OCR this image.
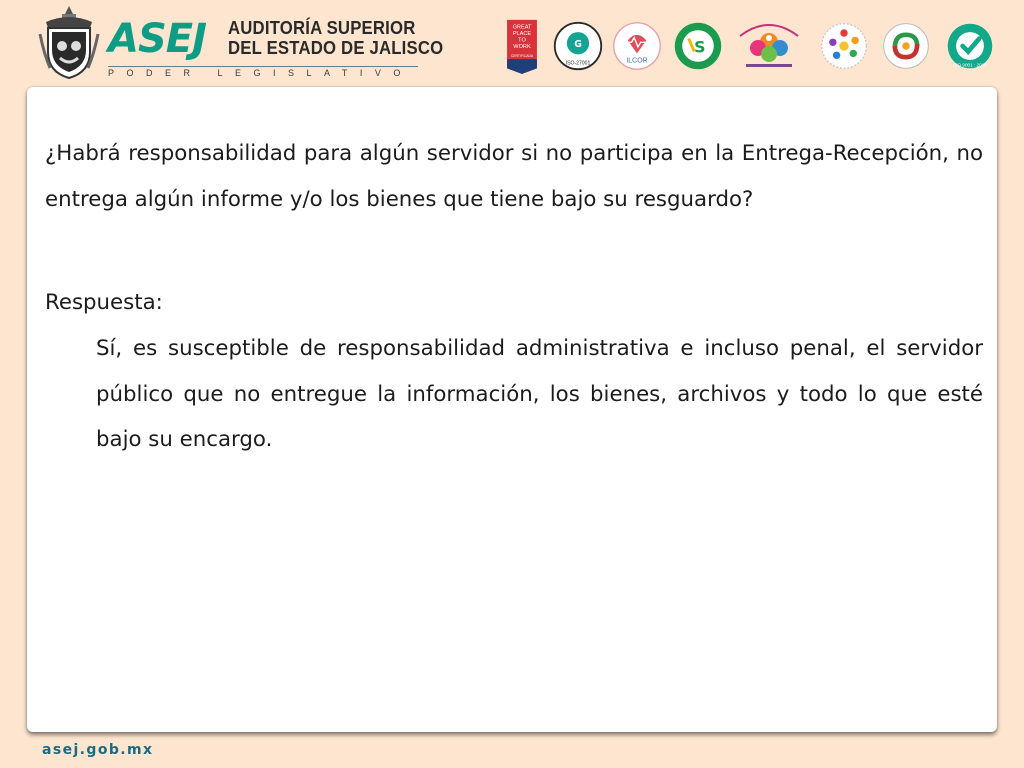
ASEJ AUDITORÍA SUPERIOR
DEL ESTADO DE JALISCO
PODER LEGISLATIVO
GREAT
PLACE
TO
WORK
CERTIFICADA
G
ISO-27001	ILCOR
S
ISO 9001 : 2015

¿Habrá responsabilidad para algún servidor si no participa en la Entrega-Recepción, no entrega algún informe y/o los bienes que tiene bajo su resguardo?

Respuesta:

Sí, es susceptible de responsabilidad administrativa e incluso penal, el servidor público que no entregue la información, los bienes, archivos y todo lo que esté bajo su encargo.

asej.gob.mx
